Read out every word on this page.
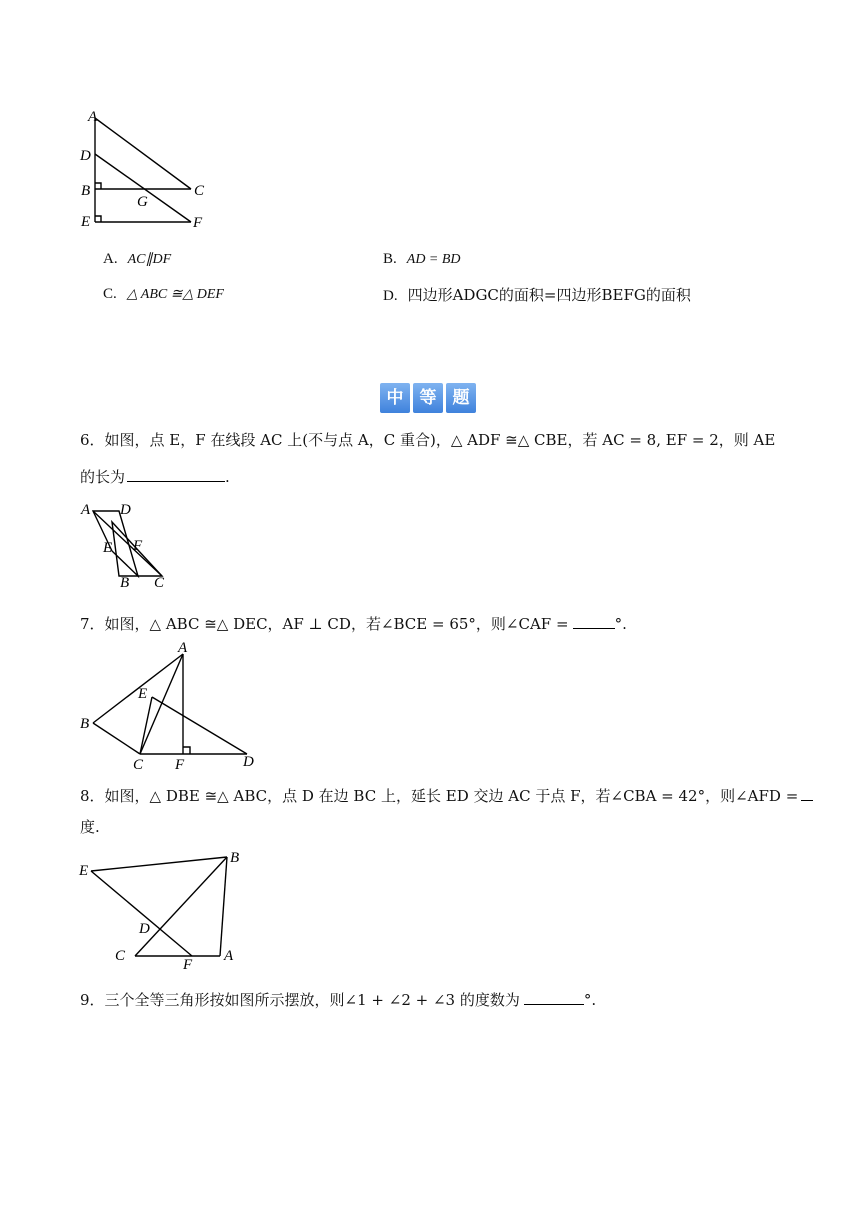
A
D
B	C
G
E	F
A. AC∥DF	B. AD = BD
C. △ ABC ≅△ DEF	D. 四边形ADGC的面积=四边形BEFG的面积
中 等 题
6．如图，点 E，F 在线段 AC 上(不与点 A，C 重合)，△ ADF ≅△ CBE，若 AC = 8, EF = 2，则 AE
的长为	.
A D
E F
B C
7．如图，△ ABC ≅△ DEC，AF ⊥ CD，若∠BCE = 65°，则∠CAF =	°.
A
E
B
C F	D
8．如图，△ DBE ≅△ ABC，点 D 在边 BC 上，延长 ED 交边 AC 于点 F，若∠CBA = 42°，则∠AFD =
度.
E
B
D
C
F
A
9．三个全等三角形按如图所示摆放，则∠1 + ∠2 + ∠3 的度数为	°.
